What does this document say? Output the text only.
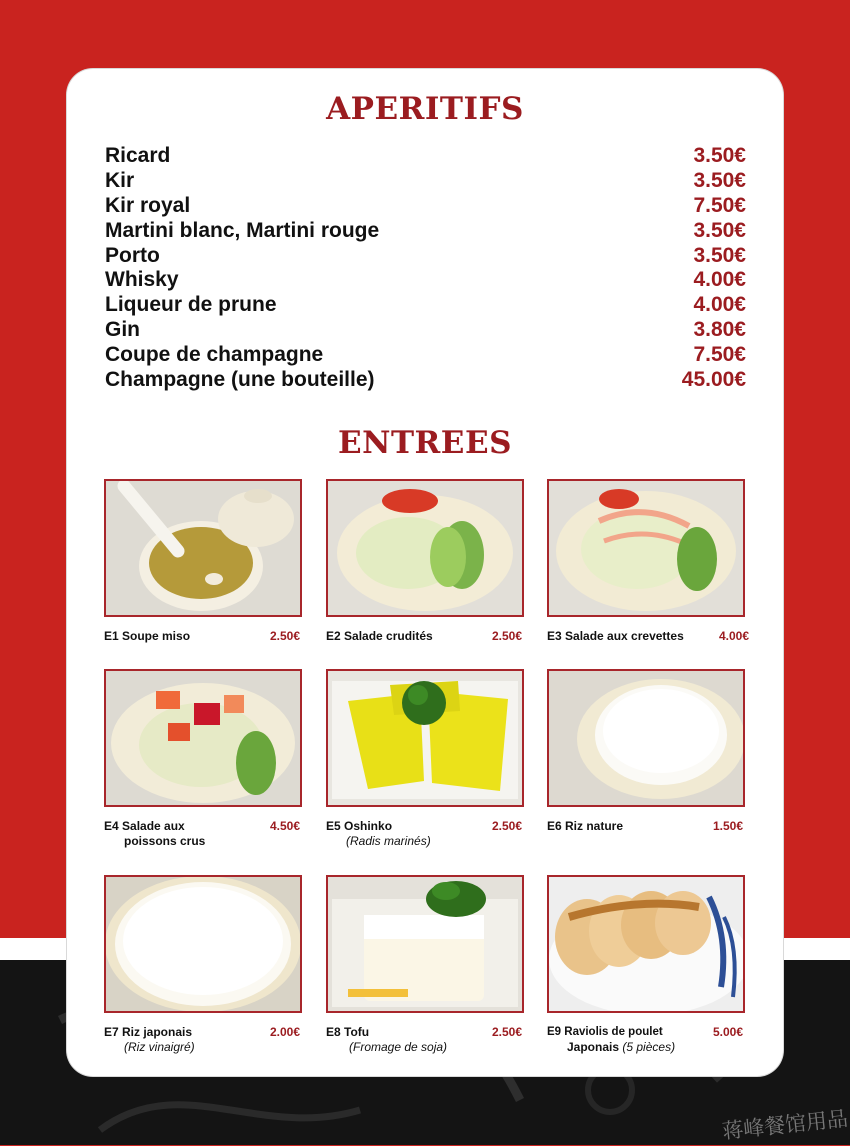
APERITIFS
Ricard	3.50€
Kir	3.50€
Kir royal	7.50€
Martini blanc, Martini rouge	3.50€
Porto	3.50€
Whisky	4.00€
Liqueur de prune	4.00€
Gin	3.80€
Coupe de champagne	7.50€
Champagne (une bouteille)	45.00€
ENTREES
E1 Soupe miso	2.50€ E2 Salade crudités	2.50€ E3 Salade aux crevettes	4.00€
E4 Salade aux
poissons crus
4.50€ E5 Oshinko
(Radis marinés)
2.50€ E6 Riz nature	1.50€
E7 Riz japonais
(Riz vinaigré)
2.00€ E8 Tofu
(Fromage de soja)
2.50€ E9 Raviolis de poulet
Japonais (5 pièces)
5.00€
蒋峰餐馆用品
